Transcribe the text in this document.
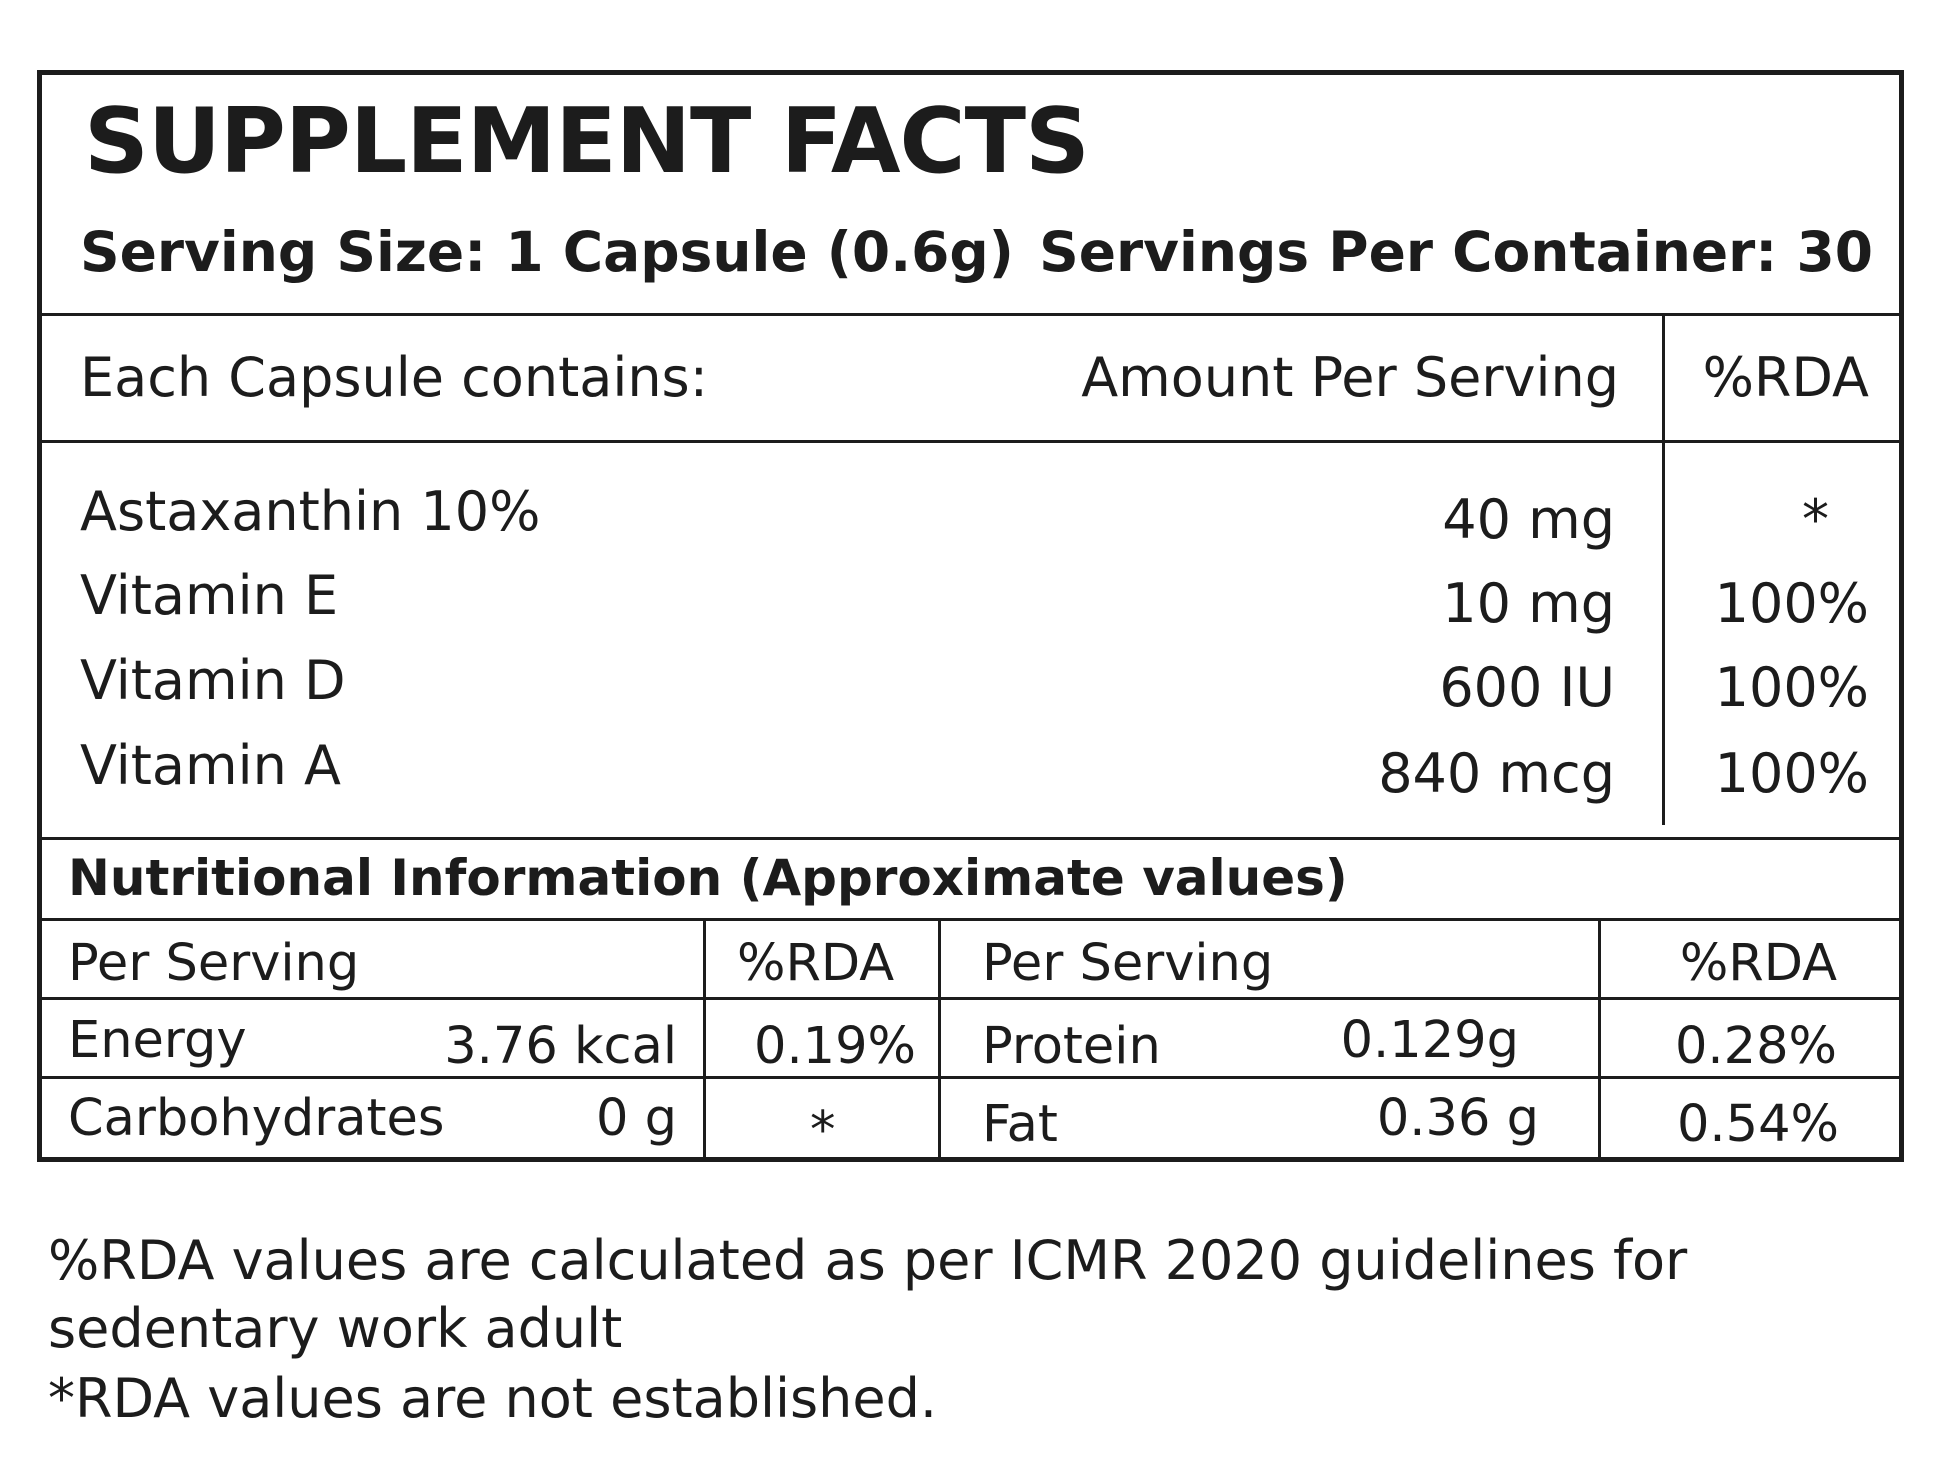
SUPPLEMENT FACTS
Serving Size: 1 Capsule (0.6g) Servings Per Container: 30
Each Capsule contains:	Amount Per Serving %RDA
Astaxanthin 10%	40 mg	*
Vitamin E	10 mg 100%
Vitamin D	600 IU 100%
Vitamin A	840 mcg 100%
Nutritional Information (Approximate values)
Per Serving	%RDA Per Serving	%RDA
Energy	3.76 kcal 0.19% Protein	0.129g	0.28%
Carbohydrates	0 g	*	Fat	0.36 g	0.54%
%RDA values are calculated as per ICMR 2020 guidelines for
sedentary work adult
*RDA values are not established.
